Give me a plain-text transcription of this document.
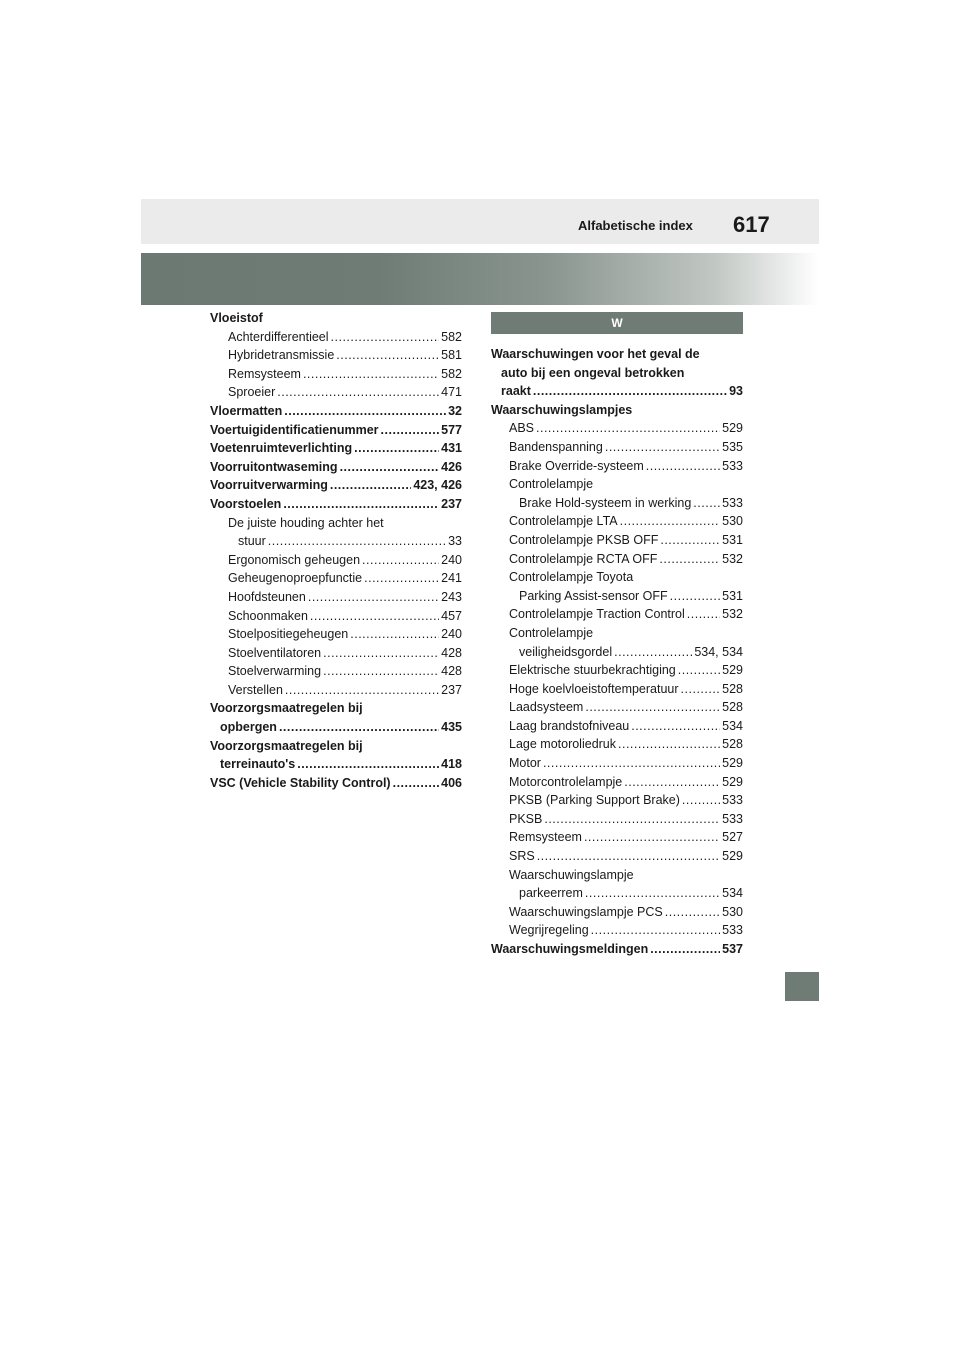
Alfabetische index 617
Vloeistof
Achterdifferentieel .....	582
Hybridetransmissie .....	581
Remsysteem .....	582
Sproeier .....	471
Vloermatten .....	32
Voertuigidentificatienummer .....	577
Voetenruimteverlichting .....	431
Voorruitontwaseming .....	426
Voorruitverwarming .....	423, 426
Voorstoelen .....	237
De juiste houding achter het
stuur .....	33
Ergonomisch geheugen .....	240
Geheugenoproepfunctie .....	241
Hoofdsteunen .....	243
Schoonmaken .....	457
Stoelpositiegeheugen .....	240
Stoelventilatoren .....	428
Stoelverwarming .....	428
Verstellen .....	237
Voorzorgsmaatregelen bij
opbergen .....	435
Voorzorgsmaatregelen bij
terreinauto's .....	418
VSC (Vehicle Stability Control) .....	406
W
Waarschuwingen voor het geval de
auto bij een ongeval betrokken
raakt .....	93
Waarschuwingslampjes
ABS .....	529
Bandenspanning .....	535
Brake Override-systeem .....	533
Controlelampje
Brake Hold-systeem in werking ..... 533
Controlelampje LTA .....	530
Controlelampje PKSB OFF .....	531
Controlelampje RCTA OFF .....	532
Controlelampje Toyota
Parking Assist-sensor OFF .....	531
Controlelampje Traction Control .....	532
Controlelampje
veiligheidsgordel .....	534, 534
Elektrische stuurbekrachtiging .....	529
Hoge koelvloeistoftemperatuur .....	528
Laadsysteem .....	528
Laag brandstofniveau .....	534
Lage motoroliedruk .....	528
Motor .....	529
Motorcontrolelampje .....	529
PKSB (Parking Support Brake) .....	533
PKSB .....	533
Remsysteem .....	527
SRS .....	529
Waarschuwingslampje
parkeerrem .....	534
Waarschuwingslampje PCS .....	530
Wegrijregeling .....	533
Waarschuwingsmeldingen .....	537
